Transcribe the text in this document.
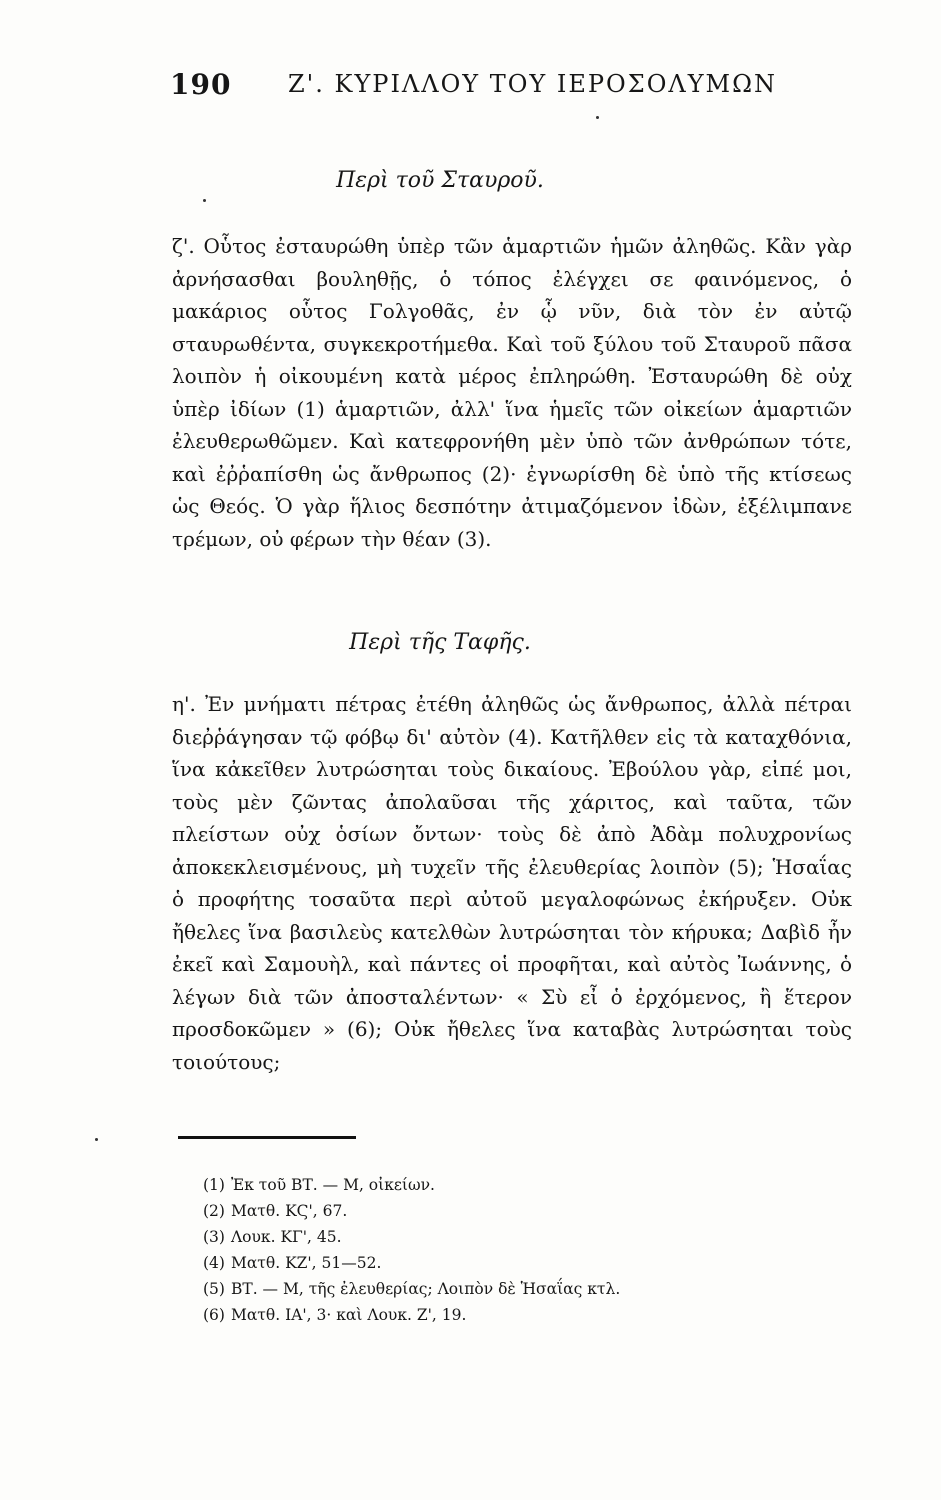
190 Z'. ΚΥΡΙΛΛΟΥ ΤΟΥ ΙΕΡΟΣΟΛΥΜΩΝ
Περὶ τοῦ Σταυροῦ.
ζ'. Οὗτος ἐσταυρώθη ὑπὲρ τῶν ἁμαρτιῶν ἡμῶν ἀληθῶς. Κἂν γὰρ ἀρνήσασθαι βουληθῇς, ὁ τόπος ἐλέγχει σε φαινόμενος, ὁ μακάριος οὗτος Γολγοθᾶς, ἐν ᾧ νῦν, διὰ τὸν ἐν αὐτῷ σταυρωθέντα, συγκεκροτήμεθα. Καὶ τοῦ ξύλου τοῦ Σταυροῦ πᾶσα λοιπὸν ἡ οἰκουμένη κατὰ μέρος ἐπληρώθη. Ἐσταυρώθη δὲ οὐχ ὑπὲρ ἰδίων (1) ἁμαρτιῶν, ἀλλ' ἵνα ἡμεῖς τῶν οἰκείων ἁμαρτιῶν ἐλευθερωθῶμεν. Καὶ κατεφρονήθη μὲν ὑπὸ τῶν ἀνθρώπων τότε, καὶ ἐῤῥαπίσθη ὡς ἄνθρωπος (2)· ἐγνωρίσθη δὲ ὑπὸ τῆς κτίσεως ὡς Θεός. Ὁ γὰρ ἥλιος δεσπότην ἀτιμαζόμενον ἰδὼν, ἐξέλιμπανε τρέμων, οὐ φέρων τὴν θέαν (3).
Περὶ τῆς Ταφῆς.
η'. Ἐν μνήματι πέτρας ἐτέθη ἀληθῶς ὡς ἄνθρωπος, ἀλλὰ πέτραι διεῤῥάγησαν τῷ φόβῳ δι' αὐτὸν (4). Κατῆλθεν εἰς τὰ καταχθόνια, ἵνα κἀκεῖθεν λυτρώσηται τοὺς δικαίους. Ἐβούλου γὰρ, εἰπέ μοι, τοὺς μὲν ζῶντας ἀπολαῦσαι τῆς χάριτος, καὶ ταῦτα, τῶν πλείστων οὐχ ὁσίων ὄντων· τοὺς δὲ ἀπὸ Ἀδὰμ πολυχρονίως ἀποκεκλεισμένους, μὴ τυχεῖν τῆς ἐλευθερίας λοιπὸν (5); Ἡσαΐας ὁ προφήτης τοσαῦτα περὶ αὐτοῦ μεγαλοφώνως ἐκήρυξεν. Οὐκ ἤθελες ἵνα βασιλεὺς κατελθὼν λυτρώσηται τὸν κήρυκα; Δαβὶδ ἦν ἐκεῖ καὶ Σαμουὴλ, καὶ πάντες οἱ προφῆται, καὶ αὐτὸς Ἰωάννης, ὁ λέγων διὰ τῶν ἀποσταλέντων· « Σὺ εἶ ὁ ἐρχόμενος, ἢ ἕτερον προσδοκῶμεν » (6); Οὐκ ἤθελες ἵνα καταβὰς λυτρώσηται τοὺς τοιούτους;
(1) Ἐκ τοῦ ΒΤ. — Μ, οἰκείων.
(2) Ματθ. ΚϚ', 67.
(3) Λουκ. ΚΓ', 45.
(4) Ματθ. ΚΖ', 51—52.
(5) ΒΤ. — Μ, τῆς ἐλευθερίας; Λοιπὸν δὲ Ἡσαΐας κτλ.
(6) Ματθ. ΙΑ', 3· καὶ Λουκ. Ζ', 19.
